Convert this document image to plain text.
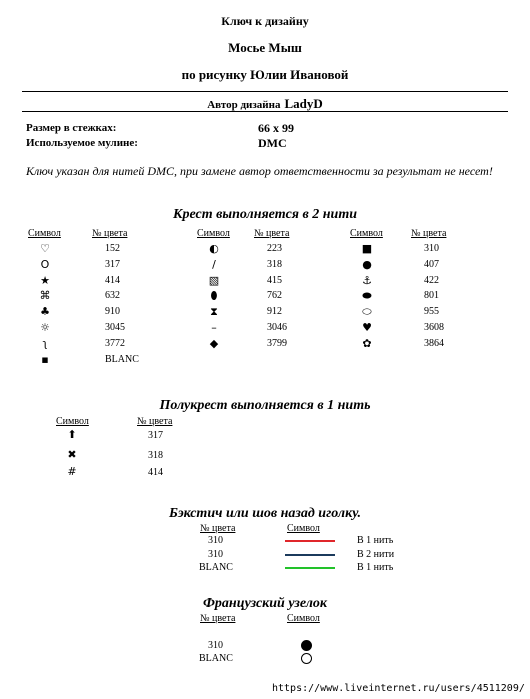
Ключ к дизайну
Мосье Мыш
по рисунку Юлии Ивановой
Автор дизайна LadyD
Размер в стежках:	66 x 99
Используемое мулине:	DMC
Ключ указан для нитей DMC, при замене автор ответственности за результат не несет!
Крест выполняется в 2 нити
Символ	№ цвета
♡	152
O	317
★	414
⌘	632
♣	910
☼	3045
ʅ	3772
▪	BLANC
Символ № цвета
◐	223
/	318
▧	415
⬮	762
⧗	912
–	3046
◆	3799
Символ	№ цвета
■	310
●	407
⚓	422
⬬	801
⬭	955
♥	3608
✿	3864
Полукрест выполняется в 1 нить
Символ	№ цвета
⬆	317
✖	318
#	414
Бэкстич или шов назад иголку.
№ цвета	Символ
310	В 1 нить
310	В 2 нити
BLANC	В 1 нить
Французский узелок
№ цвета	Символ
310
BLANC
https://www.liveinternet.ru/users/4511209/
